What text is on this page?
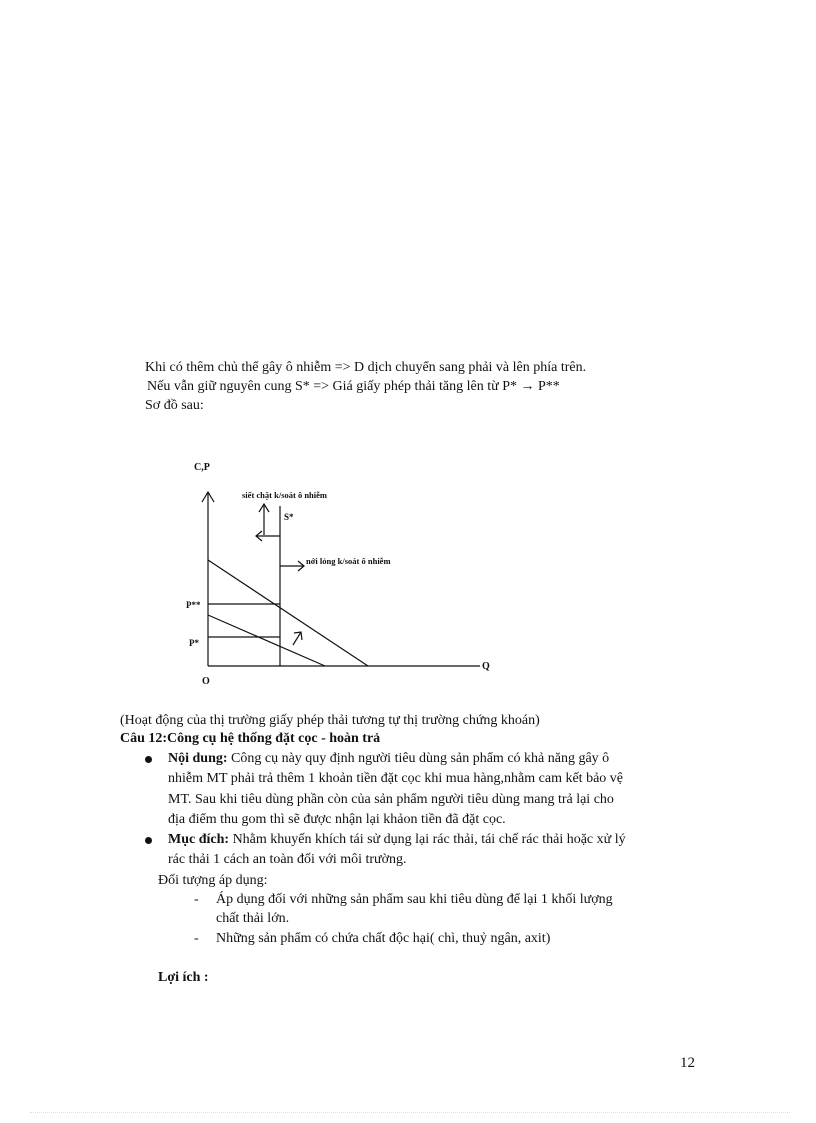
Khi có thêm chủ thể gây ô nhiễm => D dịch chuyển sang phải và lên phía trên.
Nếu vẫn giữ nguyên cung S* => Giá giấy phép thải tăng lên từ P* → P**
Sơ đồ sau:
C,P
Q
O
S*
P**
P*
siết chặt k/soát ô nhiễm
nới lỏng k/soát ô nhiễm
(Hoạt động của thị trường giấy phép thải tương tự thị trường chứng khoán)
Câu 12:Công cụ hệ thống đặt cọc - hoàn trả
Nội dung: Công cụ này quy định người tiêu dùng sản phẩm có khả năng gây ô
nhiễm MT phải trả thêm 1 khoản tiền đặt cọc khi mua hàng,nhằm cam kết bảo vệ
MT. Sau khi tiêu dùng phần còn của sản phẩm người tiêu dùng mang trả lại cho
địa điểm thu gom thì sẽ được nhận lại khảon tiền đã đặt cọc.
Mục đích: Nhằm khuyến khích tái sử dụng lại rác thải, tái chế rác thải hoặc xử lý
rác thải 1 cách an toàn đối với môi trường.
Đối tượng áp dụng:
- Áp dụng đối với những sản phẩm sau khi tiêu dùng để lại 1 khối lượng
chất thải lớn.
- Những sản phẩm có chứa chất độc hại( chì, thuỷ ngân, axit)
Lợi ích :
12
